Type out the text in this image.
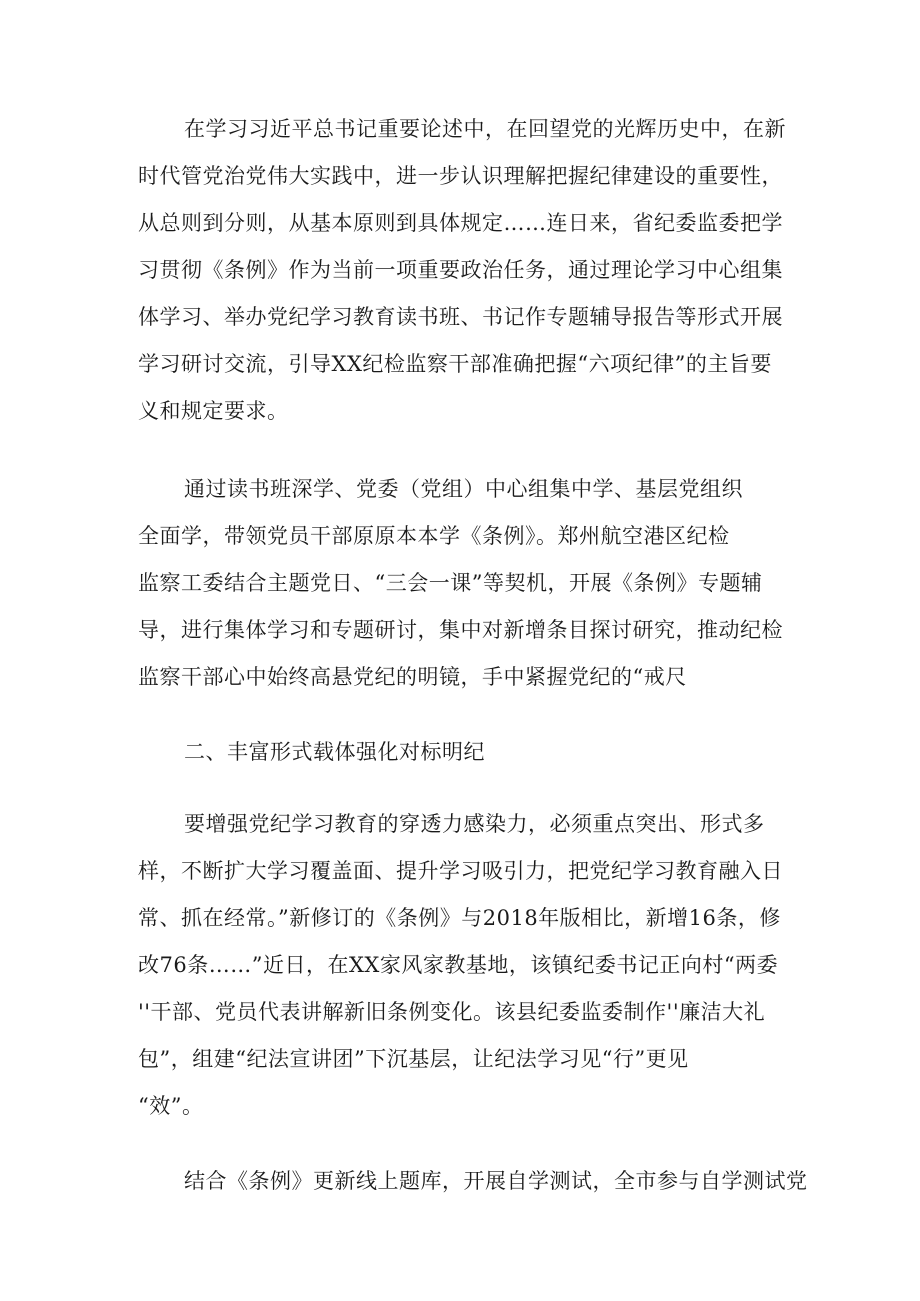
在学习习近平总书记重要论述中，在回望党的光辉历史中，在新

时代管党治党伟大实践中，进一步认识理解把握纪律建设的重要性，

从总则到分则，从基本原则到具体规定……连日来，省纪委监委把学

习贯彻《条例》作为当前一项重要政治任务，通过理论学习中心组集

体学习、举办党纪学习教育读书班、书记作专题辅导报告等形式开展

学习研讨交流，引导XX纪检监察干部准确把握“六项纪律”的主旨要

义和规定要求。

通过读书班深学、党委（党组）中心组集中学、基层党组织

全面学，带领党员干部原原本本学《条例》。郑州航空港区纪检

监察工委结合主题党日、“三会一课”等契机，开展《条例》专题辅

导，进行集体学习和专题研讨，集中对新增条目探讨研究，推动纪检

监察干部心中始终高悬党纪的明镜，手中紧握党纪的“戒尺

二、丰富形式载体强化对标明纪

要增强党纪学习教育的穿透力感染力，必须重点突出、形式多

样，不断扩大学习覆盖面、提升学习吸引力，把党纪学习教育融入日

常、抓在经常。”新修订的《条例》与2018年版相比，新增16条，修

改76条……”近日，在XX家风家教基地，该镇纪委书记正向村“两委

''干部、党员代表讲解新旧条例变化。该县纪委监委制作''廉洁大礼

包”，组建“纪法宣讲团”下沉基层，让纪法学习见“行”更见

“效”。

结合《条例》更新线上题库，开展自学测试，全市参与自学测试党
